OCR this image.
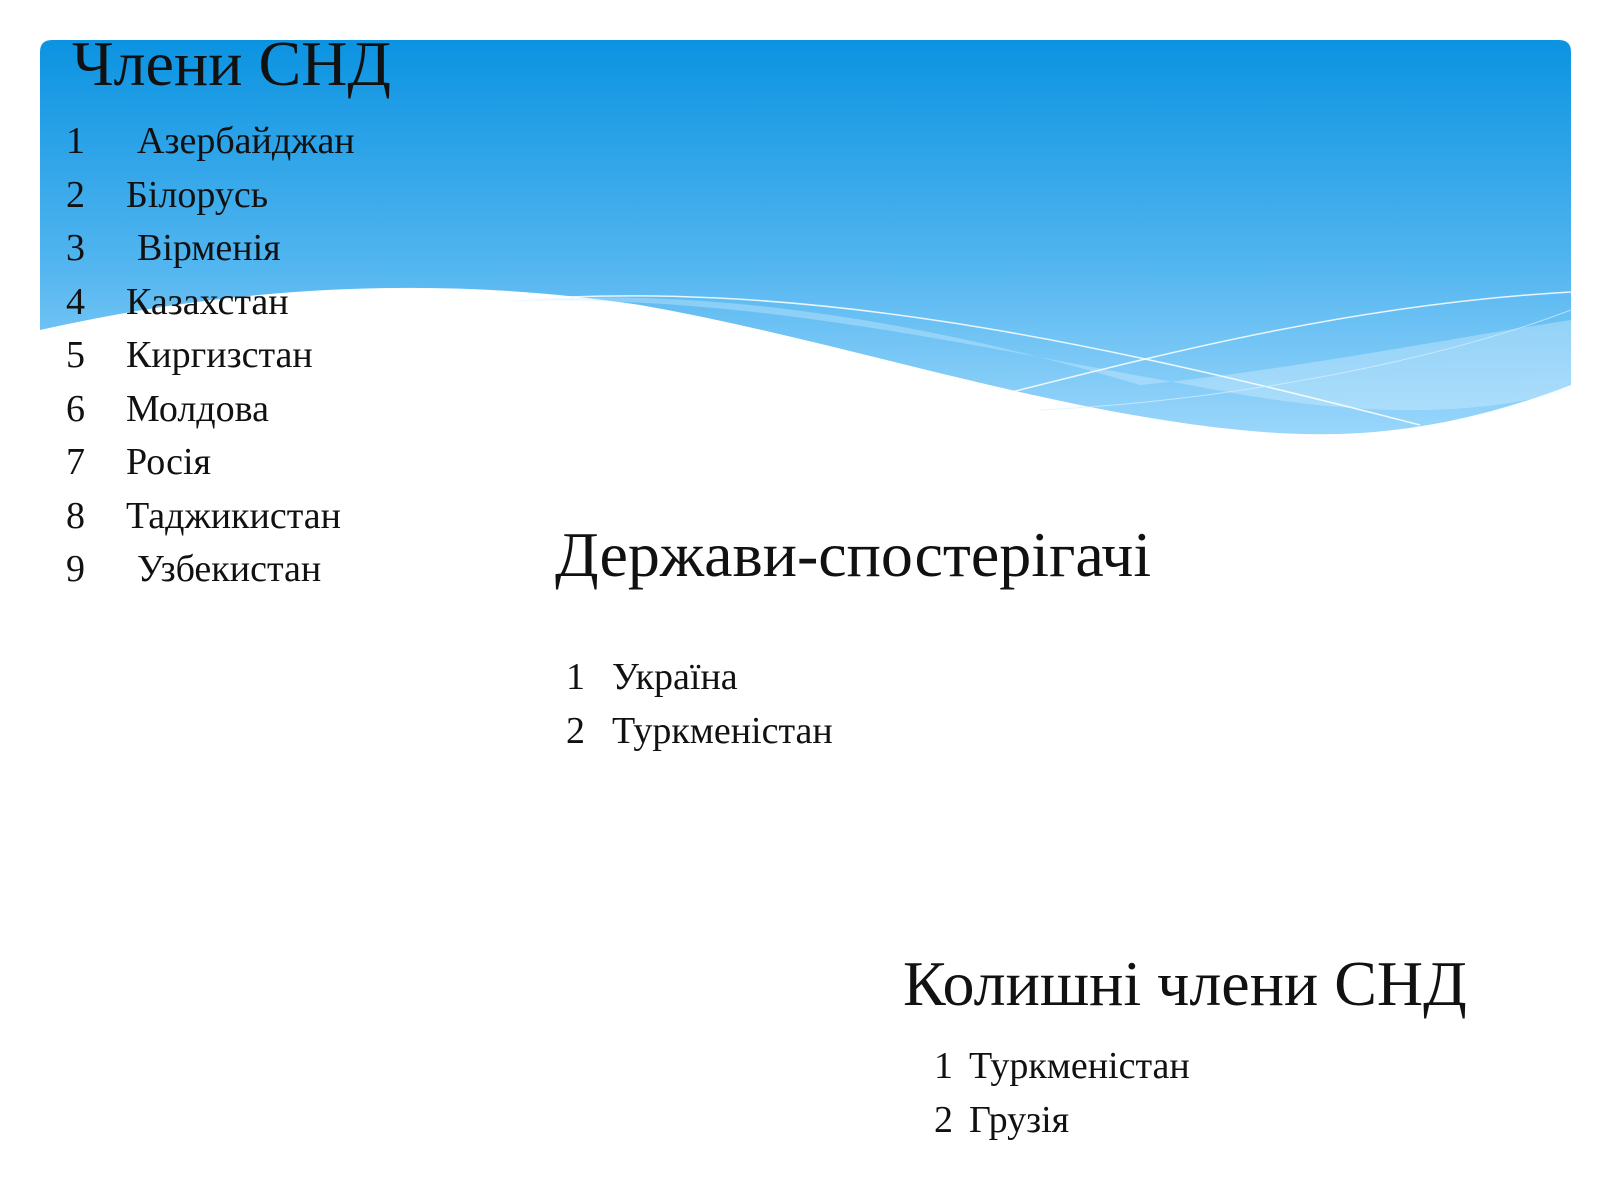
Члени СНД
1	Азербайджан
2	Білорусь
3	Вірменія
4	Казахстан
5	Киргизстан
6	Молдова
7	Росія
8	Таджикистан
9	Узбекистан	Держави-спостерігачі
1 Україна
2 Туркменістан
Колишні члени СНД
1 Туркменістан
2 Грузія
